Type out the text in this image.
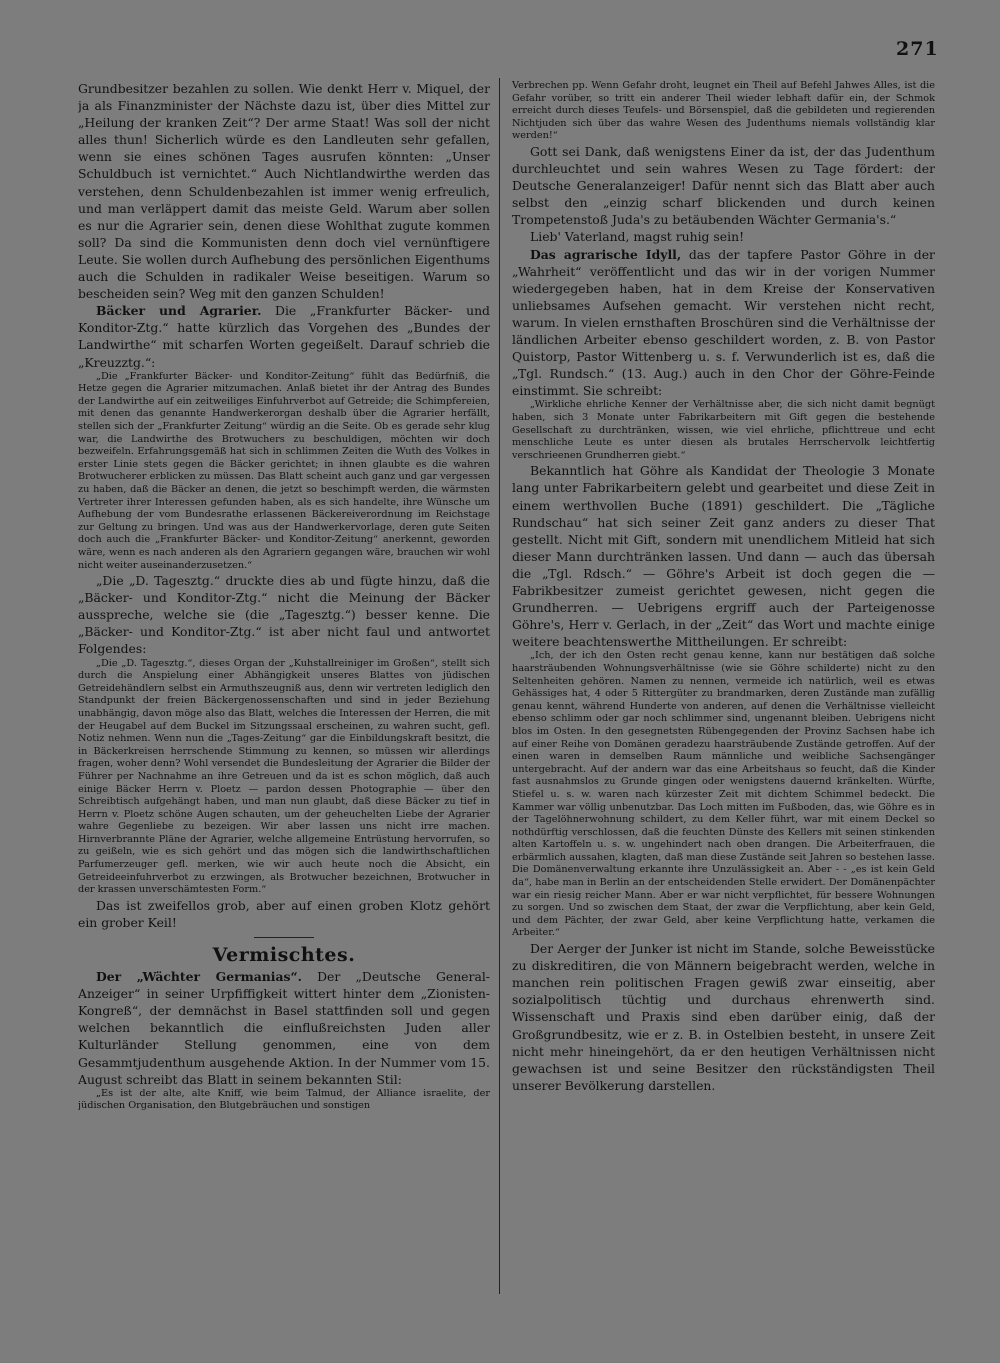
271

Grundbesitzer bezahlen zu sollen. Wie denkt Herr v. Miquel, der ja als Finanzminister der Nächste dazu ist, über dies Mittel zur „Heilung der kranken Zeit“? Der arme Staat! Was soll der nicht alles thun! Sicherlich würde es den Landleuten sehr gefallen, wenn sie eines schönen Tages ausrufen könnten: „Unser Schuldbuch ist vernichtet.“ Auch Nichtlandwirthe werden das verstehen, denn Schuldenbezahlen ist immer wenig erfreulich, und man verläppert damit das meiste Geld. Warum aber sollen es nur die Agrarier sein, denen diese Wohlthat zugute kommen soll? Da sind die Kommunisten denn doch viel vernünftigere Leute. Sie wollen durch Aufhebung des persönlichen Eigenthums auch die Schulden in radikaler Weise beseitigen. Warum so bescheiden sein? Weg mit den ganzen Schulden!

Bäcker und Agrarier. Die „Frankfurter Bäcker- und Konditor-Ztg.“ hatte kürzlich das Vorgehen des „Bundes der Landwirthe“ mit scharfen Worten gegeißelt. Darauf schrieb die „Kreuzztg.“:

„Die „Frankfurter Bäcker- und Konditor-Zeitung“ fühlt das Bedürfniß, die Hetze gegen die Agrarier mitzumachen. Anlaß bietet ihr der Antrag des Bundes der Landwirthe auf ein zeitweiliges Einfuhrverbot auf Getreide; die Schimpfereien, mit denen das genannte Handwerkerorgan deshalb über die Agrarier herfällt, stellen sich der „Frankfurter Zeitung“ würdig an die Seite. Ob es gerade sehr klug war, die Landwirthe des Brotwuchers zu beschuldigen, möchten wir doch bezweifeln. Erfahrungsgemäß hat sich in schlimmen Zeiten die Wuth des Volkes in erster Linie stets gegen die Bäcker gerichtet; in ihnen glaubte es die wahren Brotwucherer erblicken zu müssen. Das Blatt scheint auch ganz und gar vergessen zu haben, daß die Bäcker an denen, die jetzt so beschimpft werden, die wärmsten Vertreter ihrer Interessen gefunden haben, als es sich handelte, ihre Wünsche um Aufhebung der vom Bundesrathe erlassenen Bäckereiverordnung im Reichstage zur Geltung zu bringen. Und was aus der Handwerkervorlage, deren gute Seiten doch auch die „Frankfurter Bäcker- und Konditor-Zeitung“ anerkennt, geworden wäre, wenn es nach anderen als den Agrariern gegangen wäre, brauchen wir wohl nicht weiter auseinanderzusetzen.“

„Die „D. Tagesztg.“ druckte dies ab und fügte hinzu, daß die „Bäcker- und Konditor-Ztg.“ nicht die Meinung der Bäcker ausspreche, welche sie (die „Tagesztg.“) besser kenne. Die „Bäcker- und Konditor-Ztg.“ ist aber nicht faul und antwortet Folgendes:

„Die „D. Tagesztg.“, dieses Organ der „Kuhstallreiniger im Großen“, stellt sich durch die Anspielung einer Abhängigkeit unseres Blattes von jüdischen Getreidehändlern selbst ein Armuthszeugniß aus, denn wir vertreten lediglich den Standpunkt der freien Bäckergenossenschaften und sind in jeder Beziehung unabhängig, davon möge also das Blatt, welches die Interessen der Herren, die mit der Heugabel auf dem Buckel im Sitzungssaal erscheinen, zu wahren sucht, gefl. Notiz nehmen. Wenn nun die „Tages-Zeitung“ gar die Einbildungskraft besitzt, die in Bäckerkreisen herrschende Stimmung zu kennen, so müssen wir allerdings fragen, woher denn? Wohl versendet die Bundesleitung der Agrarier die Bilder der Führer per Nachnahme an ihre Getreuen und da ist es schon möglich, daß auch einige Bäcker Herrn v. Ploetz — pardon dessen Photographie — über den Schreibtisch aufgehängt haben, und man nun glaubt, daß diese Bäcker zu tief in Herrn v. Ploetz schöne Augen schauten, um der geheuchelten Liebe der Agrarier wahre Gegenliebe zu bezeigen. Wir aber lassen uns nicht irre machen. Hirnverbrannte Pläne der Agrarier, welche allgemeine Entrüstung hervorrufen, so zu geißeln, wie es sich gehört und das mögen sich die landwirthschaftlichen Parfumerzeuger gefl. merken, wie wir auch heute noch die Absicht, ein Getreideeinfuhrverbot zu erzwingen, als Brotwucher bezeichnen, Brotwucher in der krassen unverschämtesten Form.“

Das ist zweifellos grob, aber auf einen groben Klotz gehört ein grober Keil!

Vermischtes.

Der „Wächter Germanias“. Der „Deutsche General-Anzeiger“ in seiner Urpfiffigkeit wittert hinter dem „Zionisten-Kongreß“, der demnächst in Basel stattfinden soll und gegen welchen bekanntlich die einflußreichsten Juden aller Kulturländer Stellung genommen, eine von dem Gesammtjudenthum ausgehende Aktion. In der Nummer vom 15. August schreibt das Blatt in seinem bekannten Stil:

„Es ist der alte, alte Kniff, wie beim Talmud, der Alliance israelite, der jüdischen Organisation, den Blutgebräuchen und sonstigen

Verbrechen pp. Wenn Gefahr droht, leugnet ein Theil auf Befehl Jahwes Alles, ist die Gefahr vorüber, so tritt ein anderer Theil wieder lebhaft dafür ein, der Schmok erreicht durch dieses Teufels- und Börsenspiel, daß die gebildeten und regierenden Nichtjuden sich über das wahre Wesen des Judenthums niemals vollständig klar werden!“

Gott sei Dank, daß wenigstens Einer da ist, der das Judenthum durchleuchtet und sein wahres Wesen zu Tage fördert: der Deutsche Generalanzeiger! Dafür nennt sich das Blatt aber auch selbst den „einzig scharf blickenden und durch keinen Trompetenstoß Juda's zu betäubenden Wächter Germania's.“

Lieb' Vaterland, magst ruhig sein!

Das agrarische Idyll, das der tapfere Pastor Göhre in der „Wahrheit“ veröffentlicht und das wir in der vorigen Nummer wiedergegeben haben, hat in dem Kreise der Konservativen unliebsames Aufsehen gemacht. Wir verstehen nicht recht, warum. In vielen ernsthaften Broschüren sind die Verhältnisse der ländlichen Arbeiter ebenso geschildert worden, z. B. von Pastor Quistorp, Pastor Wittenberg u. s. f. Verwunderlich ist es, daß die „Tgl. Rundsch.“ (13. Aug.) auch in den Chor der Göhre-Feinde einstimmt. Sie schreibt:

„Wirkliche ehrliche Kenner der Verhältnisse aber, die sich nicht damit begnügt haben, sich 3 Monate unter Fabrikarbeitern mit Gift gegen die bestehende Gesellschaft zu durchtränken, wissen, wie viel ehrliche, pflichttreue und echt menschliche Leute es unter diesen als brutales Herrschervolk leichtfertig verschrieenen Grundherren giebt.“

Bekanntlich hat Göhre als Kandidat der Theologie 3 Monate lang unter Fabrikarbeitern gelebt und gearbeitet und diese Zeit in einem werthvollen Buche (1891) geschildert. Die „Tägliche Rundschau“ hat sich seiner Zeit ganz anders zu dieser That gestellt. Nicht mit Gift, sondern mit unendlichem Mitleid hat sich dieser Mann durchtränken lassen. Und dann — auch das übersah die „Tgl. Rdsch.“ — Göhre's Arbeit ist doch gegen die — Fabrikbesitzer zumeist gerichtet gewesen, nicht gegen die Grundherren. — Uebrigens ergriff auch der Parteigenosse Göhre's, Herr v. Gerlach, in der „Zeit“ das Wort und machte einige weitere beachtenswerthe Mittheilungen. Er schreibt:

„Ich, der ich den Osten recht genau kenne, kann nur bestätigen daß solche haarsträubenden Wohnungsverhältnisse (wie sie Göhre schilderte) nicht zu den Seltenheiten gehören. Namen zu nennen, vermeide ich natürlich, weil es etwas Gehässiges hat, 4 oder 5 Rittergüter zu brandmarken, deren Zustände man zufällig genau kennt, während Hunderte von anderen, auf denen die Verhältnisse vielleicht ebenso schlimm oder gar noch schlimmer sind, ungenannt bleiben. Uebrigens nicht blos im Osten. In den gesegnetsten Rübengegenden der Provinz Sachsen habe ich auf einer Reihe von Domänen geradezu haarsträubende Zustände getroffen. Auf der einen waren in demselben Raum männliche und weibliche Sachsengänger untergebracht. Auf der andern war das eine Arbeitshaus so feucht, daß die Kinder fast ausnahmslos zu Grunde gingen oder wenigstens dauernd kränkelten. Würfte, Stiefel u. s. w. waren nach kürzester Zeit mit dichtem Schimmel bedeckt. Die Kammer war völlig unbenutzbar. Das Loch mitten im Fußboden, das, wie Göhre es in der Tagelöhnerwohnung schildert, zu dem Keller führt, war mit einem Deckel so nothdürftig verschlossen, daß die feuchten Dünste des Kellers mit seinen stinkenden alten Kartoffeln u. s. w. ungehindert nach oben drangen. Die Arbeiterfrauen, die erbärmlich aussahen, klagten, daß man diese Zustände seit Jahren so bestehen lasse. Die Domänenverwaltung erkannte ihre Unzulässigkeit an. Aber - - „es ist kein Geld da“, habe man in Berlin an der entscheidenden Stelle erwidert. Der Domänenpächter war ein riesig reicher Mann. Aber er war nicht verpflichtet, für bessere Wohnungen zu sorgen. Und so zwischen dem Staat, der zwar die Verpflichtung, aber kein Geld, und dem Pächter, der zwar Geld, aber keine Verpflichtung hatte, verkamen die Arbeiter.“

Der Aerger der Junker ist nicht im Stande, solche Beweisstücke zu diskreditiren, die von Männern beigebracht werden, welche in manchen rein politischen Fragen gewiß zwar einseitig, aber sozialpolitisch tüchtig und durchaus ehrenwerth sind. Wissenschaft und Praxis sind eben darüber einig, daß der Großgrundbesitz, wie er z. B. in Ostelbien besteht, in unsere Zeit nicht mehr hineingehört, da er den heutigen Verhältnissen nicht gewachsen ist und seine Besitzer den rückständigsten Theil unserer Bevölkerung darstellen.
